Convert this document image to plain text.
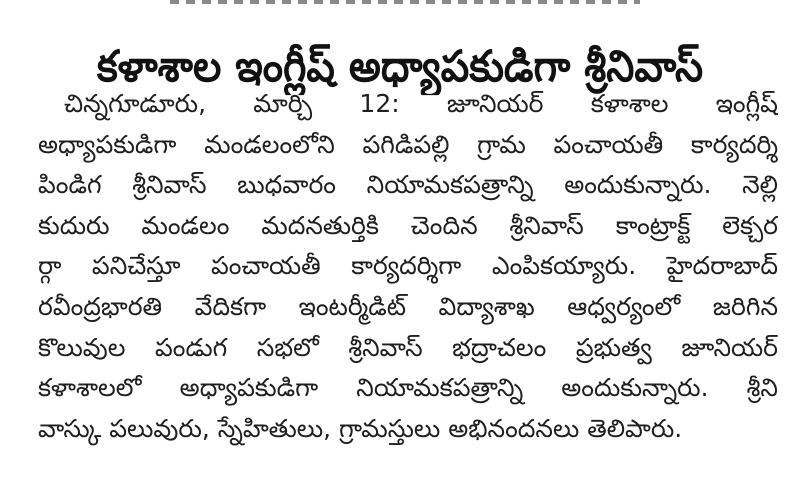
కళాశాల ఇంగ్లీష్ అధ్యాపకుడిగా శ్రీనివాస్
చిన్నగూడూరు, మార్చి 12: జూనియర్ కళాశాల ఇంగ్లీష్
అధ్యాపకుడిగా మండలంలోని పగిడిపల్లి గ్రామ పంచాయతీ కార్యదర్శి
పిండిగ శ్రీనివాస్ బుధవారం నియామకపత్రాన్ని అందుకున్నారు. నెల్లి
కుదురు మండలం మదనతుర్తికి చెందిన శ్రీనివాస్ కాంట్రాక్ట్ లెక్చర
ర్గా పనిచేస్తూ పంచాయతీ కార్యదర్శిగా ఎంపికయ్యారు. హైదరాబాద్
రవీంద్రభారతి వేదికగా ఇంటర్మీడిట్ విద్యాశాఖ ఆధ్వర్యంలో జరిగిన
కొలువుల పండుగ సభలో శ్రీనివాస్ భద్రాచలం ప్రభుత్వ జూనియర్
కళాశాలలో అధ్యాపకుడిగా నియామకపత్రాన్ని అందుకున్నారు. శ్రీని
వాస్కు పలువురు, స్నేహితులు, గ్రామస్తులు అభినందనలు తెలిపారు.
